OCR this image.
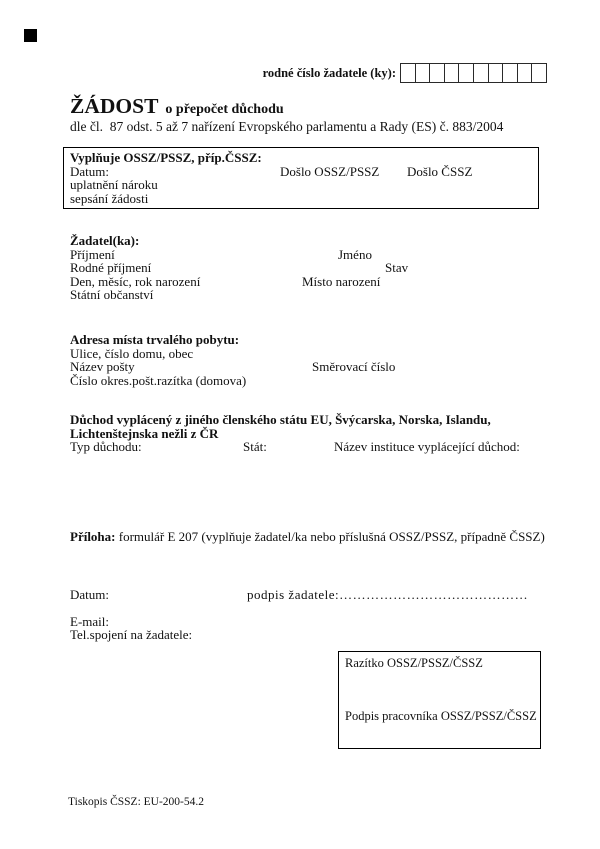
rodné číslo žadatele (ky):
ŽÁDOST o přepočet důchodu
dle čl.  87 odst. 5 až 7 nařízení Evropského parlamentu a Rady (ES) č. 883/2004
Vyplňuje OSSZ/PSSZ, příp.ČSSZ:
Datum:	Došlo OSSZ/PSSZ Došlo ČSSZ
uplatnění nároku
sepsání žádosti
Žadatel(ka):
Příjmení	Jméno
Rodné příjmení	Stav
Den, měsíc, rok narození	Místo narození
Státní občanství
Adresa místa trvalého pobytu:
Ulice, číslo domu, obec
Název pošty	Směrovací číslo
Číslo okres.pošt.razítka (domova)
Důchod vyplácený z jiného členského státu EU, Švýcarska, Norska, Islandu,
Lichtenštejnska nežli z ČR
Typ důchodu:	Stát:	Název instituce vyplácející důchod:
Příloha: formulář E 207 (vyplňuje žadatel/ka nebo příslušná OSSZ/PSSZ, případně ČSSZ)
Datum:	podpis žadatele:……………………………………
E-mail:
Tel.spojení na žadatele:
Razítko OSSZ/PSSZ/ČSSZ
Podpis pracovníka OSSZ/PSSZ/ČSSZ
Tiskopis ČSSZ: EU-200-54.2
